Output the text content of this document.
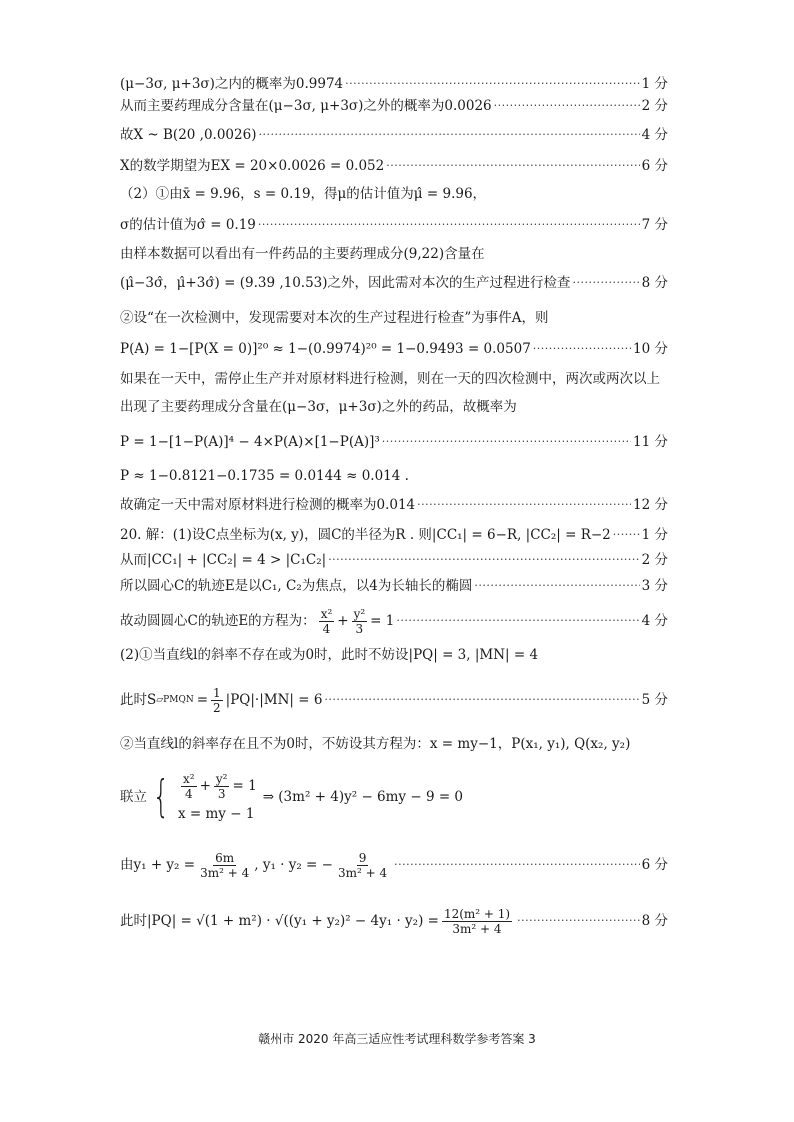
(μ−3σ, μ+3σ)之内的概率为0.9974 ·····	1 分
从而主要药理成分含量在(μ−3σ, μ+3σ)之外的概率为0.0026 ·····	2 分
故X ~ B(20 ,0.0026) ·····	4 分
X的数学期望为EX = 20×0.0026 = 0.052 ·····	6 分
（2）①由x̄ = 9.96，s = 0.19，得μ的估计值为μ̂ = 9.96，
σ的估计值为σ̂ = 0.19 ·····	7 分
由样本数据可以看出有一件药品的主要药理成分(9,22)含量在
(μ̂−3σ̂，μ̂+3σ̂) = (9.39 ,10.53)之外，因此需对本次的生产过程进行检查 ·····	8 分
②设“在一次检测中，发现需要对本次的生产过程进行检查”为事件A，则
P(A) = 1−[P(X = 0)]²⁰ ≈ 1−(0.9974)²⁰ = 1−0.9493 = 0.0507 ·····	10 分
如果在一天中，需停止生产并对原材料进行检测，则在一天的四次检测中，两次或两次以上
出现了主要药理成分含量在(μ−3σ，μ+3σ)之外的药品，故概率为
P = 1−[1−P(A)]⁴ − 4×P(A)×[1−P(A)]³ ·····	11 分
P ≈ 1−0.8121−0.1735 = 0.0144 ≈ 0.014 .
故确定一天中需对原材料进行检测的概率为0.014 ·····	12 分
20. 解：(1)设C点坐标为(x, y)，圆C的半径为R . 则|CC₁| = 6−R, |CC₂| = R−2 ····· 1 分
从而|CC₁| + |CC₂| = 4 > |C₁C₂| ·····	2 分
所以圆心C的轨迹E是以C₁, C₂为焦点，以4为长轴长的椭圆 ·····	3 分
故动圆圆心C的轨迹E的方程为： $\frac{\text{x²}}{4} + \frac{\text{y²}}{3} = 1$ ·····	4 分
(2)①当直线l的斜率不存在或为0时，此时不妨设|PQ| = 3, |MN| = 4
此时S ▱PMQN = $\frac{1}{2} |PQ|\cdot|MN| = 6$ ·····	5 分
②当直线l的斜率存在且不为0时，不妨设其方程为：x = my−1，P(x₁, y₁), Q(x₂, y₂)
联立 { $\frac{\text{x²}}{4} + \frac{\text{y²}}{3} = 1$
x = my − 1
⇒ (3m² + 4)y² − 6my − 9 = 0
由$y_1 + y_2 = \frac{6m}{\text{3m² + 4}}$ , y₁ · y₂ = − $\frac{9}{\text{3m² + 4}}$ ·····	6 分
此时$|PQ| = √(1 + m^2) \cdot √((y_1 + y_2)^2 - 4y_1 \cdot y_2) = \frac{\text{12(m² + 1)}}{\text{3m² + 4}}$ ·····	8 分
赣州市 2020 年高三适应性考试理科数学参考答案 3
